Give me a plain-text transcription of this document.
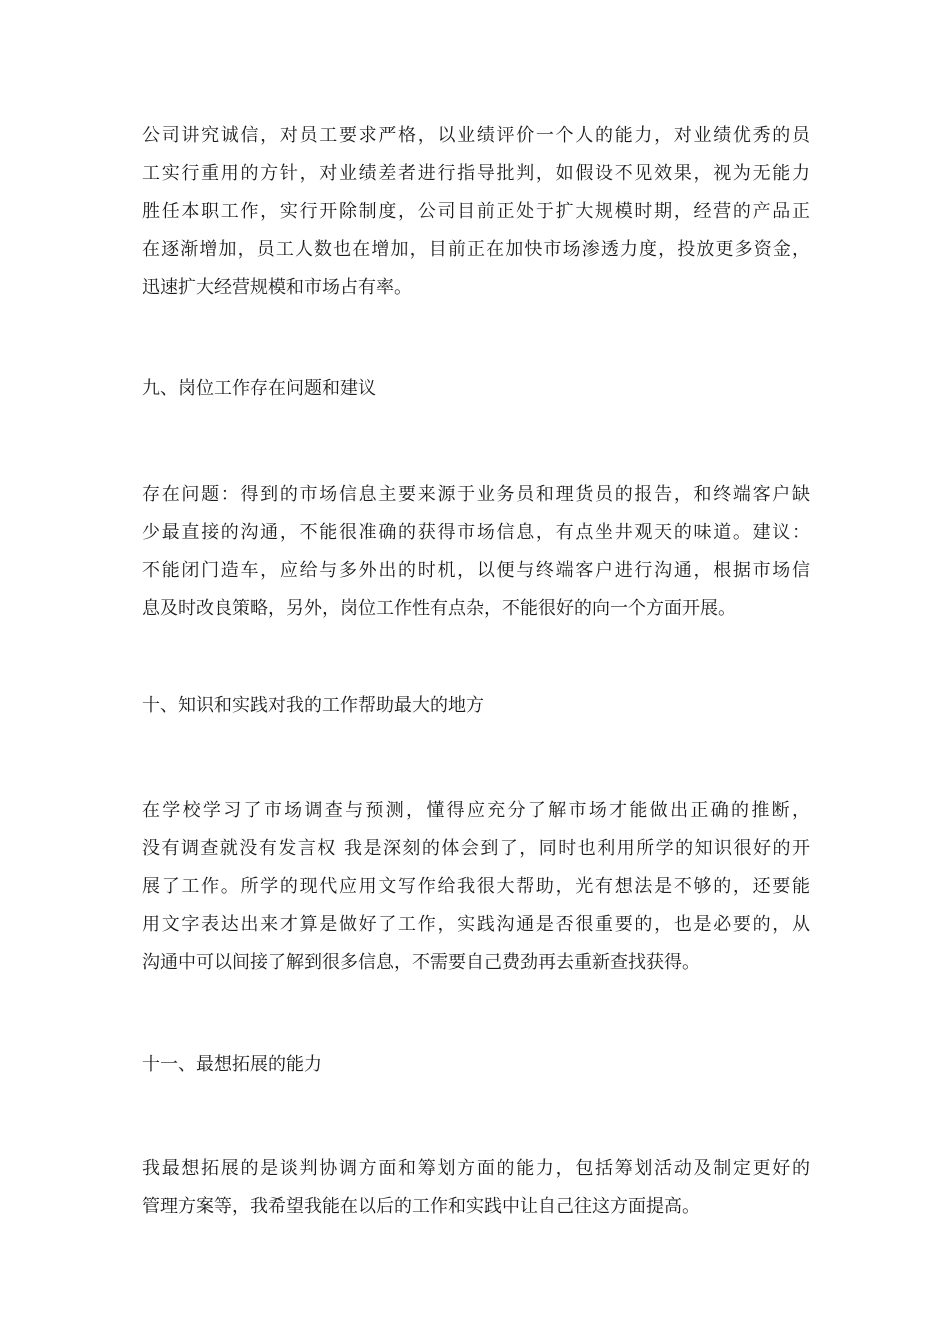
公司讲究诚信，对员工要求严格，以业绩评价一个人的能力，对业绩优秀的员
工实行重用的方针，对业绩差者进行指导批判，如假设不见效果，视为无能力
胜任本职工作，实行开除制度，公司目前正处于扩大规模时期，经营的产品正
在逐渐增加，员工人数也在增加，目前正在加快市场渗透力度，投放更多资金，
迅速扩大经营规模和市场占有率。
九、岗位工作存在问题和建议
存在问题：得到的市场信息主要来源于业务员和理货员的报告，和终端客户缺
少最直接的沟通，不能很准确的获得市场信息，有点坐井观天的味道。建议：
不能闭门造车，应给与多外出的时机，以便与终端客户进行沟通，根据市场信
息及时改良策略，另外，岗位工作性有点杂，不能很好的向一个方面开展。
十、知识和实践对我的工作帮助最大的地方
在学校学习了市场调查与预测，懂得应充分了解市场才能做出正确的推断，
没有调查就没有发言权 我是深刻的体会到了，同时也利用所学的知识很好的开
展了工作。所学的现代应用文写作给我很大帮助，光有想法是不够的，还要能
用文字表达出来才算是做好了工作，实践沟通是否很重要的，也是必要的，从
沟通中可以间接了解到很多信息，不需要自己费劲再去重新查找获得。
十一、最想拓展的能力
我最想拓展的是谈判协调方面和筹划方面的能力，包括筹划活动及制定更好的
管理方案等，我希望我能在以后的工作和实践中让自己往这方面提高。
